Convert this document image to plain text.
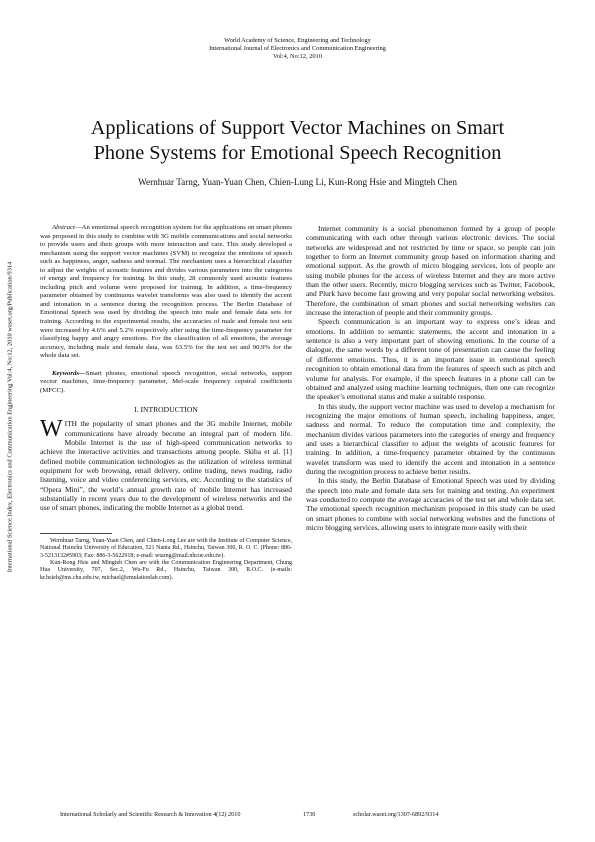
World Academy of Science, Engineering and Technology
International Journal of Electronics and Communication Engineering
Vol:4, No:12, 2010
Applications of Support Vector Machines on Smart
Phone Systems for Emotional Speech Recognition
Wernhuar Tarng, Yuan-Yuan Chen, Chien-Lung Li, Kun-Rong Hsie and Mingteh Chen
International Science Index, Electronics and Communication Engineering Vol:4, No:12, 2010 waset.org/Publication/9314

Abstract—An emotional speech recognition system for the applications on smart phones was proposed in this study to combine with 3G mobile communications and social networks to provide users and their groups with more interaction and care. This study developed a mechanism using the support vector machines (SVM) to recognize the emotions of speech such as happiness, anger, sadness and normal. The mechanism uses a hierarchical classifier to adjust the weights of acoustic features and divides various parameters into the categories of energy and frequency for training. In this study, 28 commonly used acoustic features including pitch and volume were proposed for training. In addition, a time-frequency parameter obtained by continuous wavelet transforms was also used to identify the accent and intonation in a sentence during the recognition process. The Berlin Database of Emotional Speech was used by dividing the speech into male and female data sets for training. According to the experimental results, the accuracies of male and female test sets were increased by 4.6% and 5.2% respectively after using the time-frequency parameter for classifying happy and angry emotions. For the classification of all emotions, the average accuracy, including male and female data, was 63.5% for the test set and 90.9% for the whole data set.

Keywords—Smart phones, emotional speech recognition, social networks, support vector machines, time-frequency parameter, Mel-scale frequency cepstral coefficients (MFCC).

I. INTRODUCTION

WITH the popularity of smart phones and the 3G mobile Internet, mobile communications have already become an integral part of modern life. Mobile Internet is the use of high-speed communication networks to achieve the interactive activities and transactions among people. Skiba et al. [1] defined mobile communication technologies as the utilization of wireless terminal equipment for web browsing, email delivery, online trading, news reading, radio listening, voice and video conferencing services, etc. According to the statistics of “Opera Mini”, the world’s annual growth rate of mobile Internet has increased substantially in recent years due to the development of wireless networks and the use of smart phones, indicating the mobile Internet as a global trend.

Wernhuar Tarng, Yuan-Yuan Chen, and Chien-Long Lee are with the Institute of Computer Science, National Hsinchu University of Education, 521 Nanta Rd., Hsinchu, Taiwan 300, R. O. C. (Phone: 886-3-5213132#5903; Fax: 886-3-5622918; e-mail: wtarng@mail.nhcue.edu.tw).

Kun-Rong Hsie and Mingteh Chen are with the Communication Engineering Department, Chung Hua University, 707, Sec.2, Wu-Fu Rd., Hsinchu, Taiwan 300, R.O.C. (e-mails: kr.hsieh@ms.chu.edu.tw, michael@emulationlab.com).

Internet community is a social phenomenon formed by a group of people communicating with each other through various electronic devices. The social networks are widespread and not restricted by time or space, so people can join together to form an Internet community group based on information sharing and emotional support. As the growth of micro blogging services, lots of people are using mobile phones for the access of wireless Internet and they are more active than the other users. Recently, micro blogging services such as Twitter, Facebook, and Plurk have become fast growing and very popular social networking websites. Therefore, the combination of smart phones and social networking websites can increase the interaction of people and their community groups.

Speech communication is an important way to express one’s ideas and emotions. In addition to semantic statements, the accent and intonation in a sentence is also a very important part of showing emotions. In the course of a dialogue, the same words by a different tone of presentation can cause the feeling of different emotions. Thus, it is an important issue in emotional speech recognition to obtain emotional data from the features of speech such as pitch and volume for analysis. For example, if the speech features in a phone call can be obtained and analyzed using machine learning techniques, then one can recognize the speaker’s emotional status and make a suitable response.

In this study, the support vector machine was used to develop a mechanism for recognizing the major emotions of human speech, including happiness, anger, sadness and normal. To reduce the computation time and complexity, the mechanism divides various parameters into the categories of energy and frequency and uses a hierarchical classifier to adjust the weights of acoustic features for training. In addition, a time-frequency parameter obtained by the continuous wavelet transform was used to identify the accent and intonation in a sentence during the recognition process to achieve better results.

In this study, the Berlin Database of Emotional Speech was used by dividing the speech into male and female data sets for training and testing. An experiment was conducted to compute the average accuracies of the test set and whole data set. The emotional speech recognition mechanism proposed in this study can be used on smart phones to combine with social networking websites and the functions of micro blogging services, allowing users to integrate more easily with their

International Scholarly and Scientific Research & Innovation 4(12) 2010	1730	scholar.waset.org/1307-6892/9314
